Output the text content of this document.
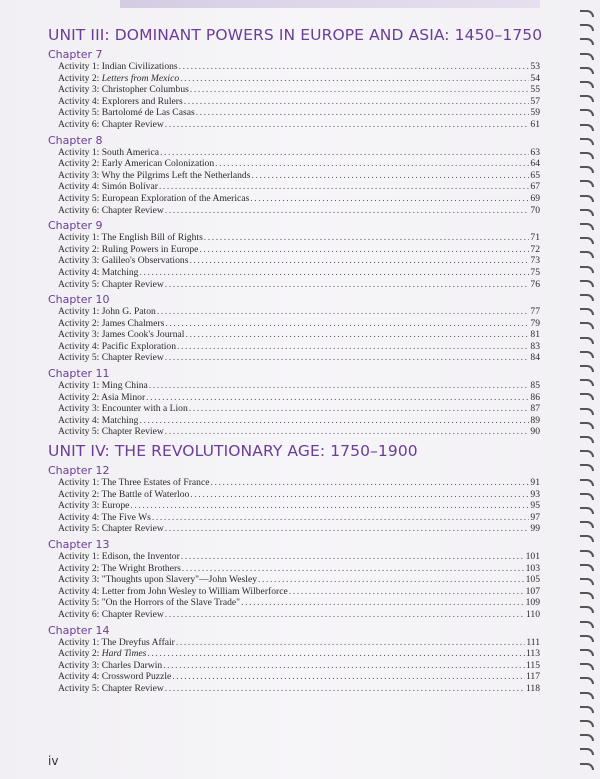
UNIT III: DOMINANT POWERS IN EUROPE AND ASIA: 1450–1750
Chapter 7
Activity 1: Indian Civilizations .....	53
Activity 2: Letters from Mexico .....	54
Activity 3: Christopher Columbus .....	55
Activity 4: Explorers and Rulers .....	57
Activity 5: Bartolomé de Las Casas .....	59
Activity 6: Chapter Review .....	61
Chapter 8
Activity 1: South America .....	63
Activity 2: Early American Colonization .....	64
Activity 3: Why the Pilgrims Left the Netherlands .....	65
Activity 4: Simón Bolívar .....	67
Activity 5: European Exploration of the Americas .....	69
Activity 6: Chapter Review .....	70
Chapter 9
Activity 1: The English Bill of Rights .....	71
Activity 2: Ruling Powers in Europe .....	72
Activity 3: Galileo's Observations .....	73
Activity 4: Matching .....	75
Activity 5: Chapter Review .....	76
Chapter 10
Activity 1: John G. Paton .....	77
Activity 2: James Chalmers .....	79
Activity 3: James Cook's Journal .....	81
Activity 4: Pacific Exploration .....	83
Activity 5: Chapter Review .....	84
Chapter 11
Activity 1: Ming China .....	85
Activity 2: Asia Minor .....	86
Activity 3: Encounter with a Lion .....	87
Activity 4: Matching .....	89
Activity 5: Chapter Review .....	90
UNIT IV: THE REVOLUTIONARY AGE: 1750–1900
Chapter 12
Activity 1: The Three Estates of France .....	91
Activity 2: The Battle of Waterloo .....	93
Activity 3: Europe .....	95
Activity 4: The Five Ws .....	97
Activity 5: Chapter Review .....	99
Chapter 13
Activity 1: Edison, the Inventor .....	101
Activity 2: The Wright Brothers .....	103
Activity 3: "Thoughts upon Slavery"—John Wesley .....	105
Activity 4: Letter from John Wesley to William Wilberforce .....	107
Activity 5: "On the Horrors of the Slave Trade" .....	109
Activity 6: Chapter Review .....	110
Chapter 14
Activity 1: The Dreyfus Affair .....	111
Activity 2: Hard Times .....	113
Activity 3: Charles Darwin .....	115
Activity 4: Crossword Puzzle .....	117
Activity 5: Chapter Review .....	118
iv
